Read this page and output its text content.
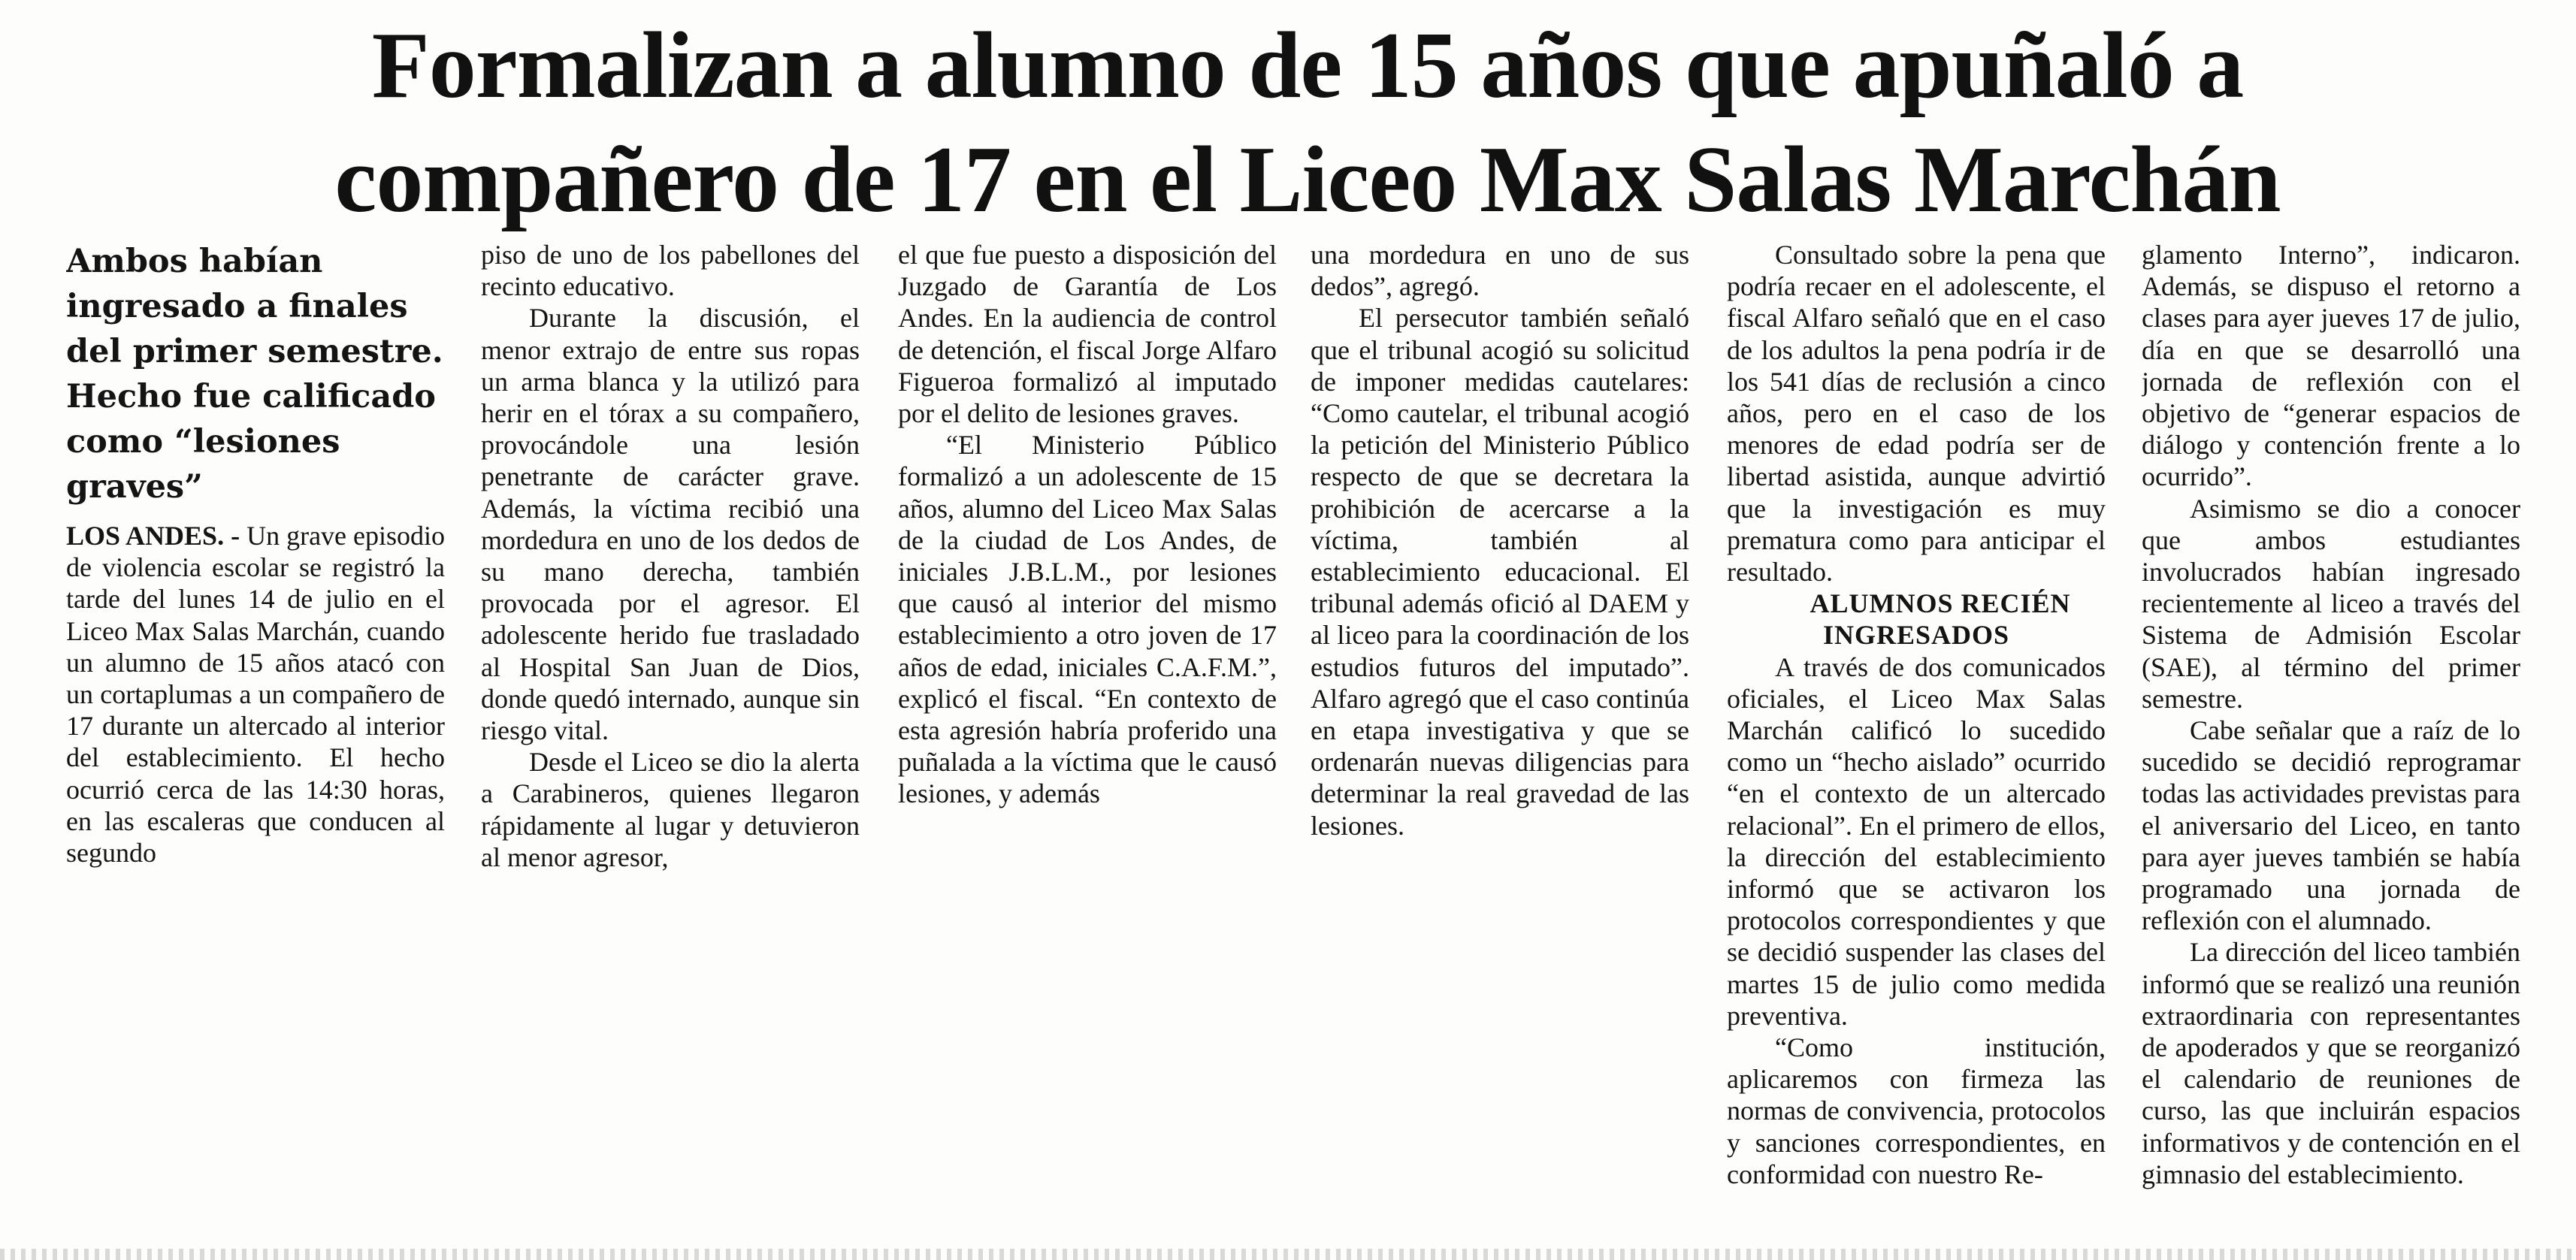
Formalizan a alumno de 15 años que apuñaló a compañero de 17 en el Liceo Max Salas Marchán
Ambos habían ingresado a finales del primer semestre. Hecho fue calificado como “lesiones graves”

LOS ANDES. - Un grave episodio de violencia escolar se registró la tarde del lunes 14 de julio en el Liceo Max Salas Marchán, cuando un alumno de 15 años atacó con un cortaplumas a un compañero de 17 durante un altercado al interior del establecimiento. El hecho ocurrió cerca de las 14:30 horas, en las escaleras que conducen al segundo

piso de uno de los pabellones del recinto educativo.

Durante la discusión, el menor extrajo de entre sus ropas un arma blanca y la utilizó para herir en el tórax a su compañero, provocándole una lesión penetrante de carácter grave. Además, la víctima recibió una mordedura en uno de los dedos de su mano derecha, también provocada por el agresor. El adolescente herido fue trasladado al Hospital San Juan de Dios, donde quedó internado, aunque sin riesgo vital.

Desde el Liceo se dio la alerta a Carabineros, quienes llegaron rápidamente al lugar y detuvieron al menor agresor,

el que fue puesto a disposición del Juzgado de Garantía de Los Andes. En la audiencia de control de detención, el fiscal Jorge Alfaro Figueroa formalizó al imputado por el delito de lesiones graves.

“El Ministerio Público formalizó a un adolescente de 15 años, alumno del Liceo Max Salas de la ciudad de Los Andes, de iniciales J.B.L.M., por lesiones que causó al interior del mismo establecimiento a otro joven de 17 años de edad, iniciales C.A.F.M.”, explicó el fiscal. “En contexto de esta agresión habría proferido una puñalada a la víctima que le causó lesiones, y además

una mordedura en uno de sus dedos”, agregó.

El persecutor también señaló que el tribunal acogió su solicitud de imponer medidas cautelares: “Como cautelar, el tribunal acogió la petición del Ministerio Público respecto de que se decretara la prohibición de acercarse a la víctima, también al establecimiento educacional. El tribunal además ofició al DAEM y al liceo para la coordinación de los estudios futuros del imputado”. Alfaro agregó que el caso continúa en etapa investigativa y que se ordenarán nuevas diligencias para determinar la real gravedad de las lesiones.

Consultado sobre la pena que podría recaer en el adolescente, el fiscal Alfaro señaló que en el caso de los adultos la pena podría ir de los 541 días de reclusión a cinco años, pero en el caso de los menores de edad podría ser de libertad asistida, aunque advirtió que la investigación es muy prematura como para anticipar el resultado.

ALUMNOS RECIÉN INGRESADOS

A través de dos comunicados oficiales, el Liceo Max Salas Marchán calificó lo sucedido como un “hecho aislado” ocurrido “en el contexto de un altercado relacional”. En el primero de ellos, la dirección del establecimiento informó que se activaron los protocolos correspondientes y que se decidió suspender las clases del martes 15 de julio como medida preventiva.

“Como institución, aplicaremos con firmeza las normas de convivencia, protocolos y sanciones correspondientes, en conformidad con nuestro Re-

glamento Interno”, indicaron. Además, se dispuso el retorno a clases para ayer jueves 17 de julio, día en que se desarrolló una jornada de reflexión con el objetivo de “generar espacios de diálogo y contención frente a lo ocurrido”.

Asimismo se dio a conocer que ambos estudiantes involucrados habían ingresado recientemente al liceo a través del Sistema de Admisión Escolar (SAE), al término del primer semestre.

Cabe señalar que a raíz de lo sucedido se decidió reprogramar todas las actividades previstas para el aniversario del Liceo, en tanto para ayer jueves también se había programado una jornada de reflexión con el alumnado.

La dirección del liceo también informó que se realizó una reunión extraordinaria con representantes de apoderados y que se reorganizó el calendario de reuniones de curso, las que incluirán espacios informativos y de contención en el gimnasio del establecimiento.
